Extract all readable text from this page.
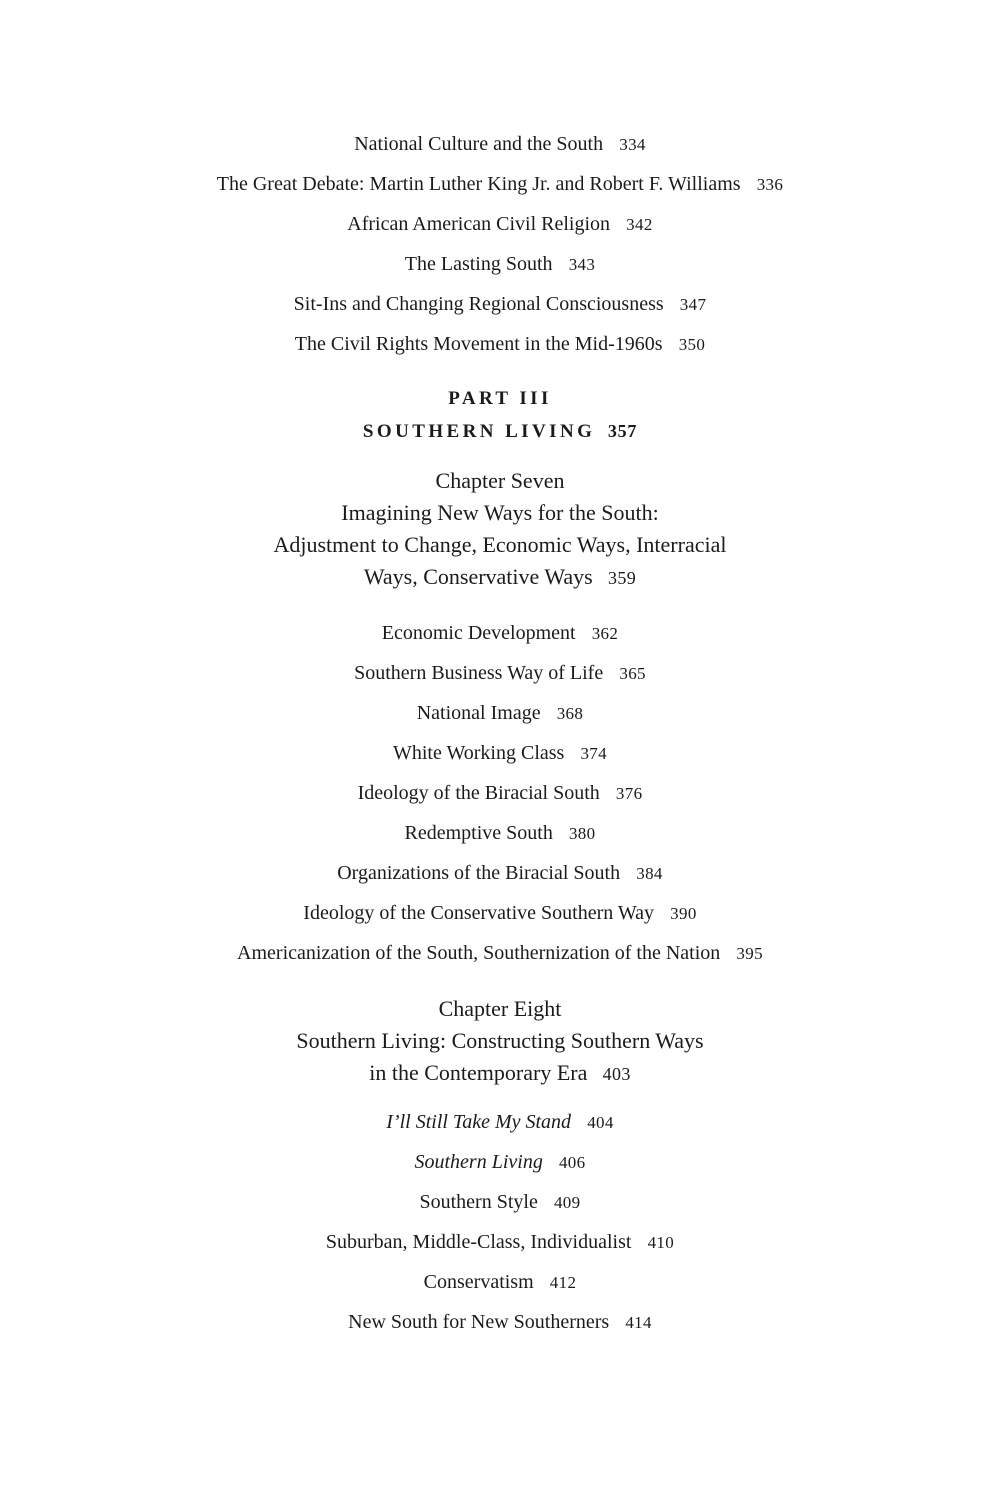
National Culture and the South 334
The Great Debate: Martin Luther King Jr. and Robert F. Williams 336
African American Civil Religion 342
The Lasting South 343
Sit-Ins and Changing Regional Consciousness 347
The Civil Rights Movement in the Mid-1960s 350
PART III
SOUTHERN LIVING 357
Chapter Seven
Imagining New Ways for the South:
Adjustment to Change, Economic Ways, Interracial
Ways, Conservative Ways 359
Economic Development 362
Southern Business Way of Life 365
National Image 368
White Working Class 374
Ideology of the Biracial South 376
Redemptive South 380
Organizations of the Biracial South 384
Ideology of the Conservative Southern Way 390
Americanization of the South, Southernization of the Nation 395
Chapter Eight
Southern Living: Constructing Southern Ways
in the Contemporary Era 403
I’ll Still Take My Stand 404
Southern Living 406
Southern Style 409
Suburban, Middle-Class, Individualist 410
Conservatism 412
New South for New Southerners 414
